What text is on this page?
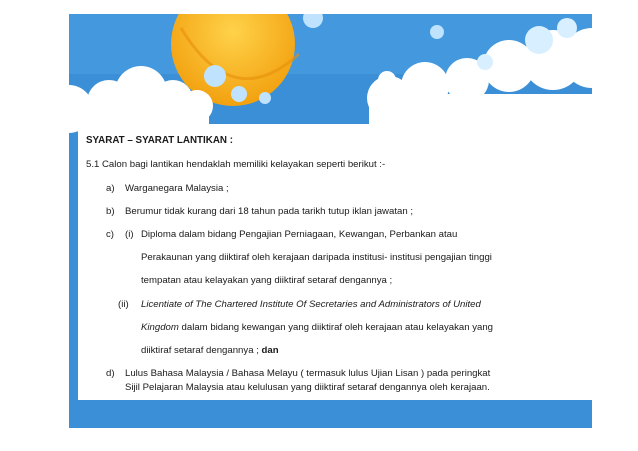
SYARAT – SYARAT LANTIKAN :
5.1 Calon bagi lantikan hendaklah memiliki kelayakan seperti berikut :-
a) Warganegara Malaysia ;
b) Berumur tidak kurang dari 18 tahun pada tarikh tutup iklan jawatan ;
c) (i) Diploma dalam bidang Pengajian Perniagaan, Kewangan, Perbankan atau
Perakaunan yang diiktiraf oleh kerajaan daripada institusi- institusi pengajian tinggi
tempatan atau kelayakan yang diiktiraf setaraf dengannya ;
(ii) Licentiate of The Chartered Institute Of Secretaries and Administrators of United
Kingdom dalam bidang kewangan yang diiktiraf oleh kerajaan atau kelayakan yang
diiktiraf setaraf dengannya ; dan
d) Lulus Bahasa Malaysia / Bahasa Melayu ( termasuk lulus Ujian Lisan ) pada peringkat
Sijil Pelajaran Malaysia atau kelulusan yang diiktiraf setaraf dengannya oleh kerajaan.
